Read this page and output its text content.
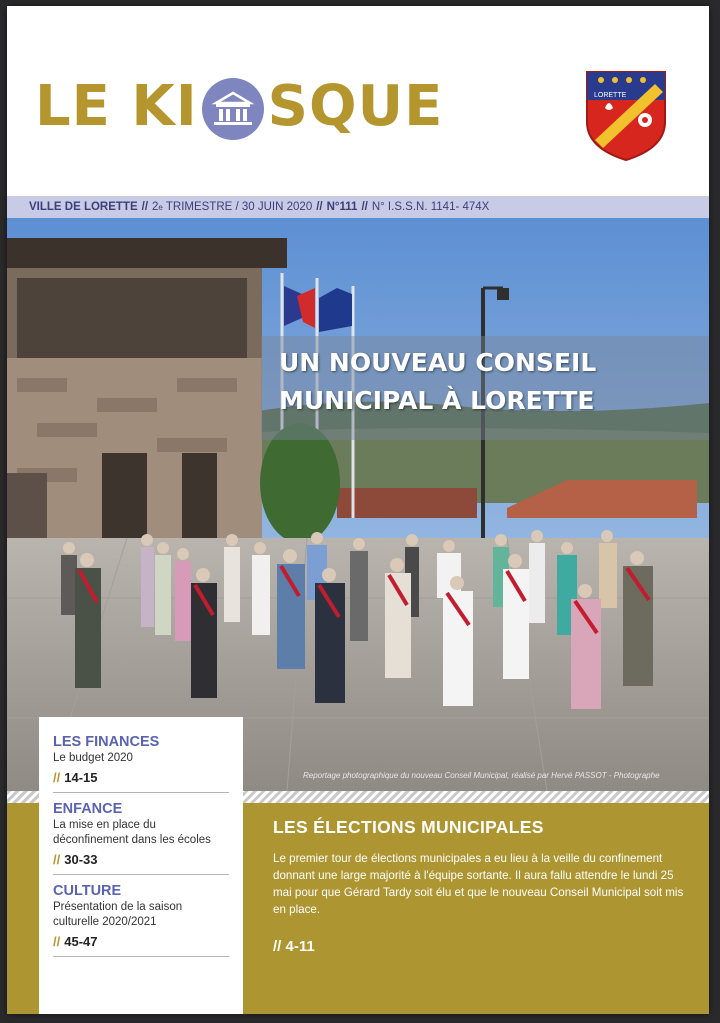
LE K I SQUE	LORETTE
VILLE DE LORETTE // 2 e TRIMESTRE / 30 JUIN 2020 // N°111 // N° I.S.S.N. 1141- 474X
UN NOUVEAU CONSEIL
MUNICIPAL À LORETTE
Reportage photographique du nouveau Conseil Municipal, réalisé par Hervé PASSOT - Photographe
LES FINANCES
Le budget 2020
// 14-15
ENFANCE
La mise en place du déconfinement dans les écoles
// 30-33
CULTURE
Présentation de la saison culturelle 2020/2021
// 45-47
LES ÉLECTIONS MUNICIPALES
Le premier tour de élections municipales a eu lieu à la veille du confinement donnant une large majorité à l'équipe sortante. Il aura fallu attendre le lundi 25 mai pour que Gérard Tardy soit élu et que le nouveau Conseil Municipal soit mis en place.
// 4-11
